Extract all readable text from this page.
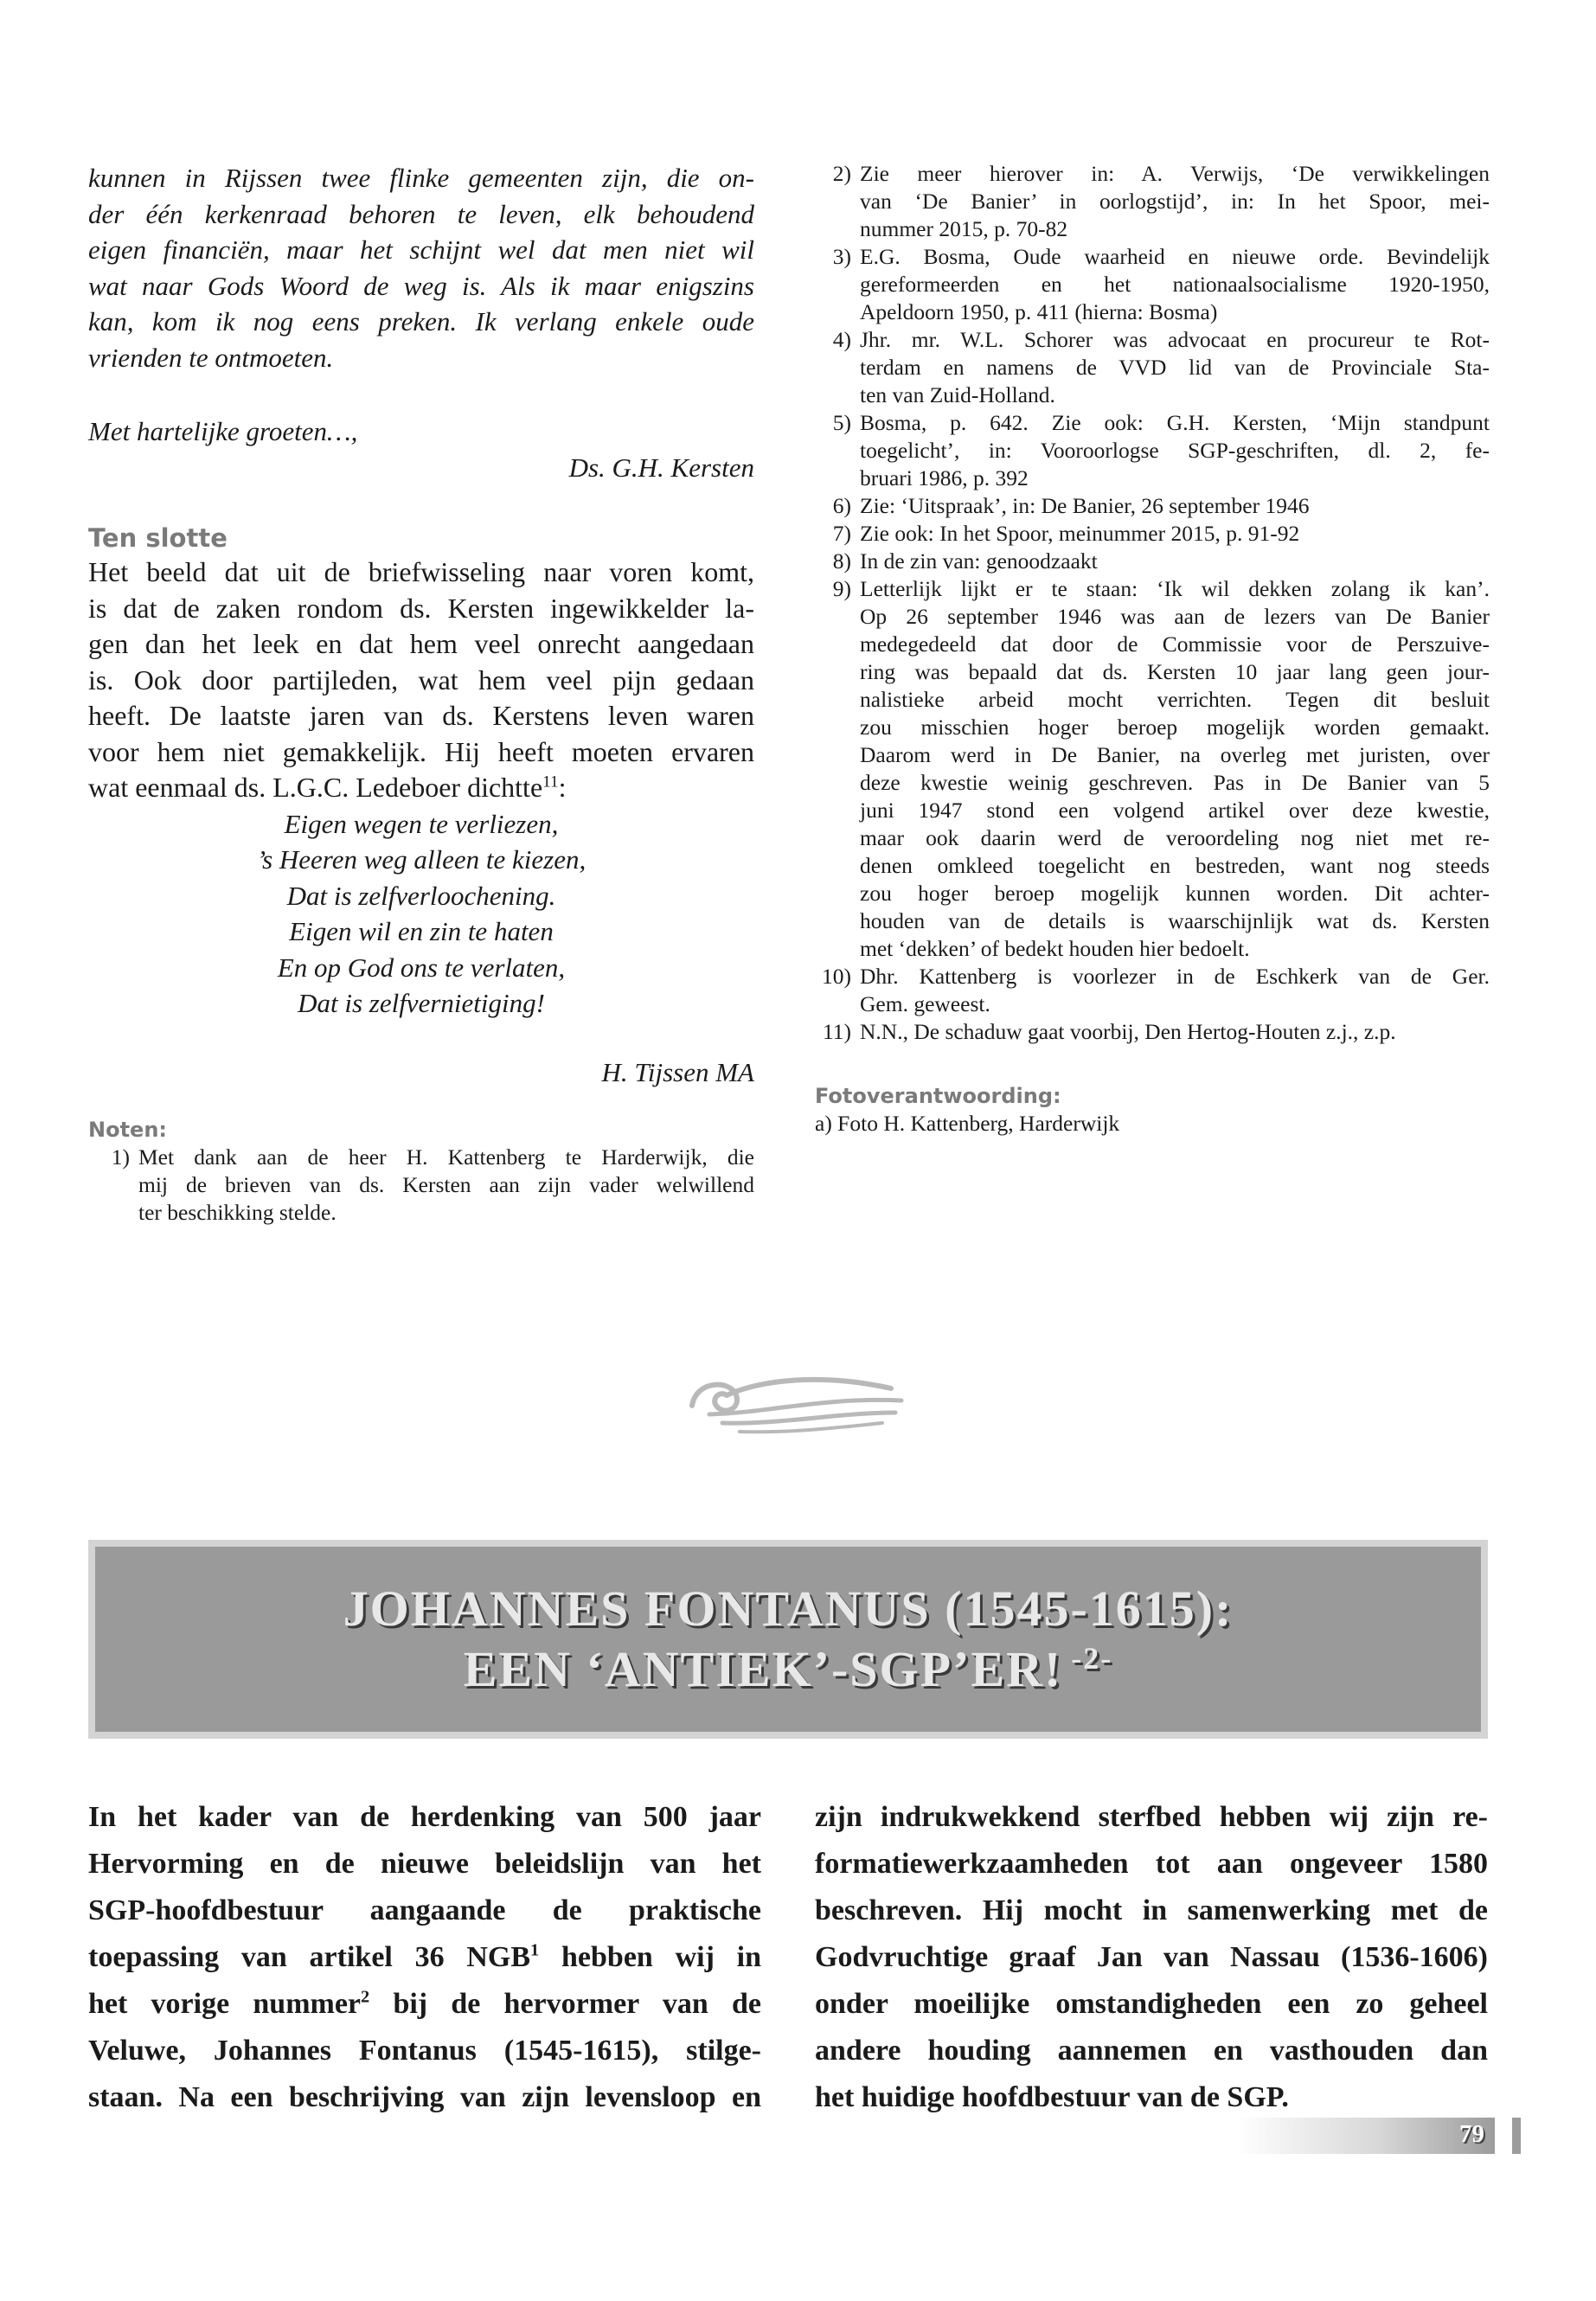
kunnen in Rijssen twee flinke gemeenten zijn, die on-
der één kerkenraad behoren te leven, elk behoudend
eigen financiën, maar het schijnt wel dat men niet wil
wat naar Gods Woord de weg is. Als ik maar enigszins
kan, kom ik nog eens preken. Ik verlang enkele oude
vrienden te ontmoeten.
Met hartelijke groeten…,
Ds. G.H. Kersten
Ten slotte
Het beeld dat uit de briefwisseling naar voren komt,
is dat de zaken rondom ds. Kersten ingewikkelder la-
gen dan het leek en dat hem veel onrecht aangedaan
is. Ook door partijleden, wat hem veel pijn gedaan
heeft. De laatste jaren van ds. Kerstens leven waren
voor hem niet gemakkelijk. Hij heeft moeten ervaren
wat eenmaal ds. L.G.C. Ledeboer dichtte$^{11}$:
Eigen wegen te verliezen,
’s Heeren weg alleen te kiezen,
Dat is zelfverloochening.
Eigen wil en zin te haten
En op God ons te verlaten,
Dat is zelfvernietiging!
H. Tijssen MA
Noten:
1) Met dank aan de heer H. Kattenberg te Harderwijk, die
mij de brieven van ds. Kersten aan zijn vader welwillend
ter beschikking stelde.
2) Zie meer hierover in: A. Verwijs, ‘De verwikkelingen
van ‘De Banier’ in oorlogstijd’, in: In het Spoor, mei-
nummer 2015, p. 70-82
3) E.G. Bosma, Oude waarheid en nieuwe orde. Bevindelijk
gereformeerden en het nationaalsocialisme 1920-1950,
Apeldoorn 1950, p. 411 (hierna: Bosma)
4) Jhr. mr. W.L. Schorer was advocaat en procureur te Rot-
terdam en namens de VVD lid van de Provinciale Sta-
ten van Zuid-Holland.
5) Bosma, p. 642. Zie ook: G.H. Kersten, ‘Mijn standpunt
toegelicht’, in: Vooroorlogse SGP-geschriften, dl. 2, fe-
bruari 1986, p. 392
6) Zie: ‘Uitspraak’, in: De Banier, 26 september 1946
7) Zie ook: In het Spoor, meinummer 2015, p. 91-92
8) In de zin van: genoodzaakt
9) Letterlijk lijkt er te staan: ‘Ik wil dekken zolang ik kan’.
Op 26 september 1946 was aan de lezers van De Banier
medegedeeld dat door de Commissie voor de Perszuive-
ring was bepaald dat ds. Kersten 10 jaar lang geen jour-
nalistieke arbeid mocht verrichten. Tegen dit besluit
zou misschien hoger beroep mogelijk worden gemaakt.
Daarom werd in De Banier, na overleg met juristen, over
deze kwestie weinig geschreven. Pas in De Banier van 5
juni 1947 stond een volgend artikel over deze kwestie,
maar ook daarin werd de veroordeling nog niet met re-
denen omkleed toegelicht en bestreden, want nog steeds
zou hoger beroep mogelijk kunnen worden. Dit achter-
houden van de details is waarschijnlijk wat ds. Kersten
met ‘dekken’ of bedekt houden hier bedoelt.
10) Dhr. Kattenberg is voorlezer in de Eschkerk van de Ger.
Gem. geweest.
11) N.N., De schaduw gaat voorbij, Den Hertog-Houten z.j., z.p.
Fotoverantwoording:
a) Foto H. Kattenberg, Harderwijk
JOHANNES FONTANUS (1545-1615):
EEN ‘ANTIEK’-SGP’ER! $^{-2-}$
In het kader van de herdenking van 500 jaar
Hervorming en de nieuwe beleidslijn van het
SGP-hoofdbestuur aangaande de praktische
toepassing van artikel 36 NGB$^1$ hebben wij in
het vorige nummer$^2$ bij de hervormer van de
Veluwe, Johannes Fontanus (1545-1615), stilge-
staan. Na een beschrijving van zijn levensloop en
zijn indrukwekkend sterfbed hebben wij zijn re-
formatiewerkzaamheden tot aan ongeveer 1580
beschreven. Hij mocht in samenwerking met de
Godvruchtige graaf Jan van Nassau (1536-1606)
onder moeilijke omstandigheden een zo geheel
andere houding aannemen en vasthouden dan
het huidige hoofdbestuur van de SGP.
79
